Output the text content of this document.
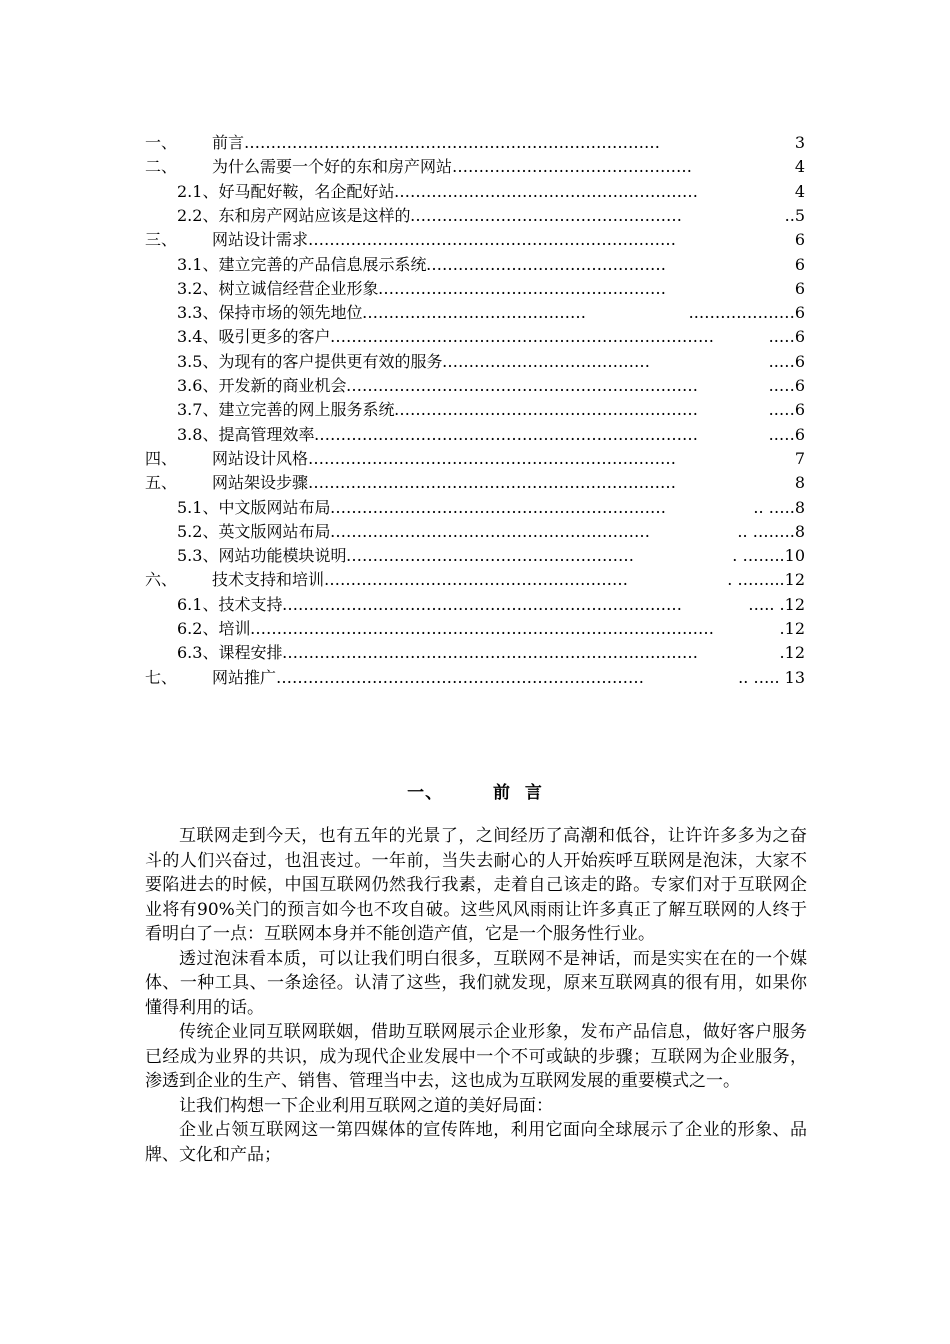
一、 前言 ……………………………………………………………………	3
二、 为什么需要一个好的东和房产网站 ………………………………………	4
2.1、好马配好鞍，名企配好站 …………………………………………………	4
2.2、东和房产网站应该是这样的 ……………………………………………	..5
三、 网站设计需求 ……………………………………………………………	6
3.1、建立完善的产品信息展示系统 ………………………………………	6
3.2、树立诚信经营企业形象 ………………………………………………	6
3.3、保持市场的领先地位 ……………………………………	..………………6
3.4、吸引更多的客户 ………………………………………………………………	..…6
3.5、为现有的客户提供更有效的服务 …………………………………	..…6
3.6、开发新的商业机会 …………………………………………………………	..…6
3.7、建立完善的网上服务系统 …………………………………………………	..…6
3.8、提高管理效率 ………………………………………………………………	..…6
四、 网站设计风格 ……………………………………………………………	7
五、 网站架设步骤 ……………………………………………………………	8
5.1、中文版网站布局 ………………………………………………………	.. …..8
5.2、英文版网站布局 ……………………………………………………	.. ……..8
5.3、网站功能模块说明 ………………………………………………	. ……..10
六、 技术支持和培训 …………………………………………………	. ……...12
6.1、技术支持 …………………………………………………………………	….. .12
6.2、培训 ……………………………………………………………………………	.12
6.3、课程安排 ……………………………………………………………………	.12
七、 网站推广 ……………………………………………………………	.. ….. 13
一、	前  言

互联网走到今天，也有五年的光景了，之间经历了高潮和低谷，让许许多多为之奋斗的人们兴奋过，也沮丧过。一年前，当失去耐心的人开始疾呼互联网是泡沫，大家不要陷进去的时候，中国互联网仍然我行我素，走着自己该走的路。专家们对于互联网企业将有90%关门的预言如今也不攻自破。这些风风雨雨让许多真正了解互联网的人终于看明白了一点：互联网本身并不能创造产值，它是一个服务性行业。

透过泡沫看本质，可以让我们明白很多，互联网不是神话，而是实实在在的一个媒体、一种工具、一条途径。认清了这些，我们就发现，原来互联网真的很有用，如果你懂得利用的话。

传统企业同互联网联姻，借助互联网展示企业形象，发布产品信息，做好客户服务已经成为业界的共识，成为现代企业发展中一个不可或缺的步骤；互联网为企业服务，渗透到企业的生产、销售、管理当中去，这也成为互联网发展的重要模式之一。

让我们构想一下企业利用互联网之道的美好局面：

企业占领互联网这一第四媒体的宣传阵地，利用它面向全球展示了企业的形象、品牌、文化和产品；
